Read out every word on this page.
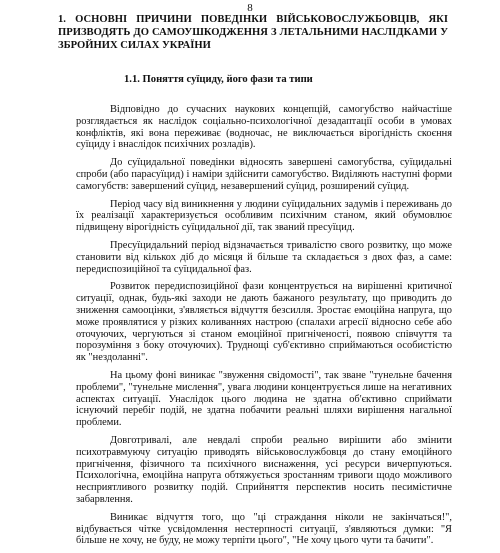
8
1. ОСНОВНІ ПРИЧИНИ ПОВЕДІНКИ ВІЙСЬКОВОСЛУЖБОВЦІВ, ЯКІ ПРИЗВОДЯТЬ ДО САМОУШКОДЖЕННЯ З ЛЕТАЛЬНИМИ НАСЛІДКАМИ У ЗБРОЙНИХ СИЛАХ УКРАЇНИ
1.1. Поняття суїциду, його фази та типи

Відповідно до сучасних наукових концепцій, самогубство найчастіше розглядається як наслідок соціально-психологічної дезадаптації особи в умовах конфліктів, які вона переживає (водночас, не виключається вірогідність скоєння суїциду і внаслідок психічних розладів).

До суїцидальної поведінки відносять завершені самогубства, суїцидальні спроби (або парасуїцид) і наміри здійснити самогубство. Виділяють наступні форми самогубств: завершений суїцид, незавершений суїцид, розширений суїцид.

Період часу від виникнення у людини суїцидальних задумів і переживань до їх реалізації характеризується особливим психічним станом, який обумовлює підвищену вірогідність суїцидальної дії, так званий пресуїцид.

Пресуїцидальний період відзначається тривалістю свого розвитку, що може становити від кількох діб до місяця й більше та складається з двох фаз, а саме: передиспозиційної та суїцидальної фаз.

Розвиток передиспозиційної фази концентрується на вирішенні критичної ситуації, однак, будь-які заходи не дають бажаного результату, що приводить до зниження самооцінки, з'являється відчуття безсилля. Зростає емоційна напруга, що може проявлятися у різких коливаннях настрою (спалахи агресії відносно себе або оточуючих, чергуються зі станом емоційної пригніченості, появою співчуття та порозуміння з боку оточуючих). Труднощі суб'єктивно сприймаються особистістю як "нездоланні".

На цьому фоні виникає "звуження свідомості", так зване "тунельне бачення проблеми", "тунельне мислення", увага людини концентрується лише на негативних аспектах ситуації. Унаслідок цього людина не здатна об'єктивно сприймати існуючий перебіг подій, не здатна побачити реальні шляхи вирішення нагальної проблеми.

Довготривалі, але невдалі спроби реально вирішити або змінити психотравмуючу ситуацію приводять військовослужбовця до стану емоційного пригнічення, фізичного та психічного виснаження, усі ресурси вичерпуються. Психологічна, емоційна напруга обтяжується зростанням тривоги щодо можливого несприятливого розвитку подій. Сприйняття перспектив носить песимістичне забарвлення.

Виникає відчуття того, що "ці страждання ніколи не закінчаться!", відбувається чітке усвідомлення нестерпності ситуації, з'являються думки: "Я більше не хочу, не буду, не можу терпіти цього", "Не хочу цього чути та бачити".
